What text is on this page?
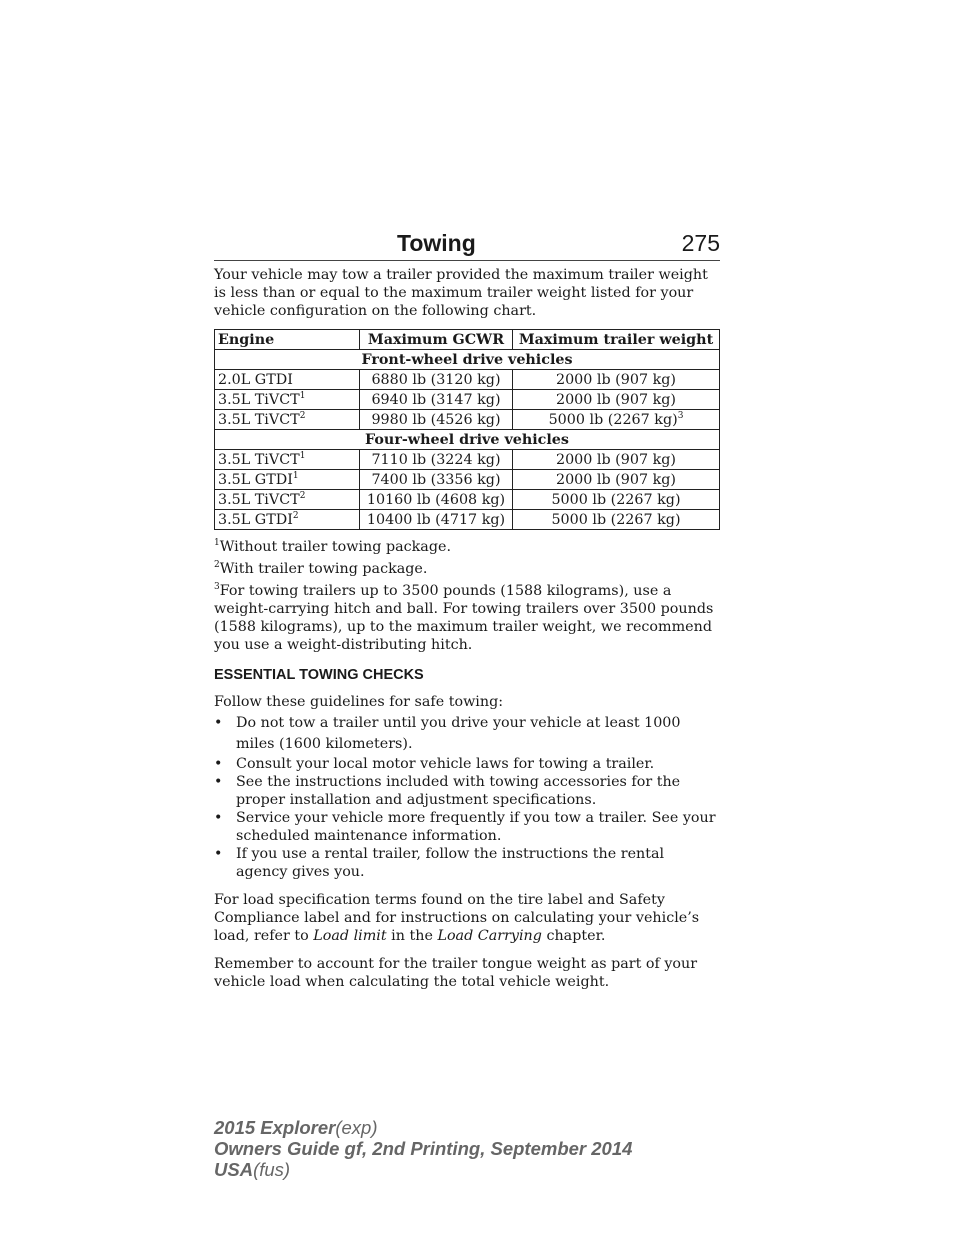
Towing	275

Your vehicle may tow a trailer provided the maximum trailer weight is less than or equal to the maximum trailer weight listed for your vehicle configuration on the following chart.

Engine	Maximum GCWR	Maximum trailer weight
Front-wheel drive vehicles		
2.0L GTDI	6880 lb (3120 kg)	2000 lb (907 kg)
3.5L TiVCT$^1$	6940 lb (3147 kg)	2000 lb (907 kg)
3.5L TiVCT$^2$	9980 lb (4526 kg)	5000 lb (2267 kg)$^3$
Four-wheel drive vehicles		
3.5L TiVCT$^1$	7110 lb (3224 kg)	2000 lb (907 kg)
3.5L GTDI$^1$	7400 lb (3356 kg)	2000 lb (907 kg)
3.5L TiVCT$^2$	10160 lb (4608 kg)	5000 lb (2267 kg)
3.5L GTDI$^2$	10400 lb (4717 kg)	5000 lb (2267 kg)

$^1$Without trailer towing package.

$^2$With trailer towing package.

$^3$For towing trailers up to 3500 pounds (1588 kilograms), use a weight-carrying hitch and ball. For towing trailers over 3500 pounds (1588 kilograms), up to the maximum trailer weight, we recommend you use a weight-distributing hitch.

ESSENTIAL TOWING CHECKS

Follow these guidelines for safe towing:

• Do not tow a trailer until you drive your vehicle at least 1000 miles (1600 kilometers).
• Consult your local motor vehicle laws for towing a trailer.
• See the instructions included with towing accessories for the proper installation and adjustment specifications.
• Service your vehicle more frequently if you tow a trailer. See your scheduled maintenance information.
• If you use a rental trailer, follow the instructions the rental agency gives you.

For load specification terms found on the tire label and Safety Compliance label and for instructions on calculating your vehicle’s load, refer to Load limit in the Load Carrying chapter.

Remember to account for the trailer tongue weight as part of your vehicle load when calculating the total vehicle weight.

2015 Explorer(exp)
Owners Guide gf, 2nd Printing, September 2014
USA(fus)
